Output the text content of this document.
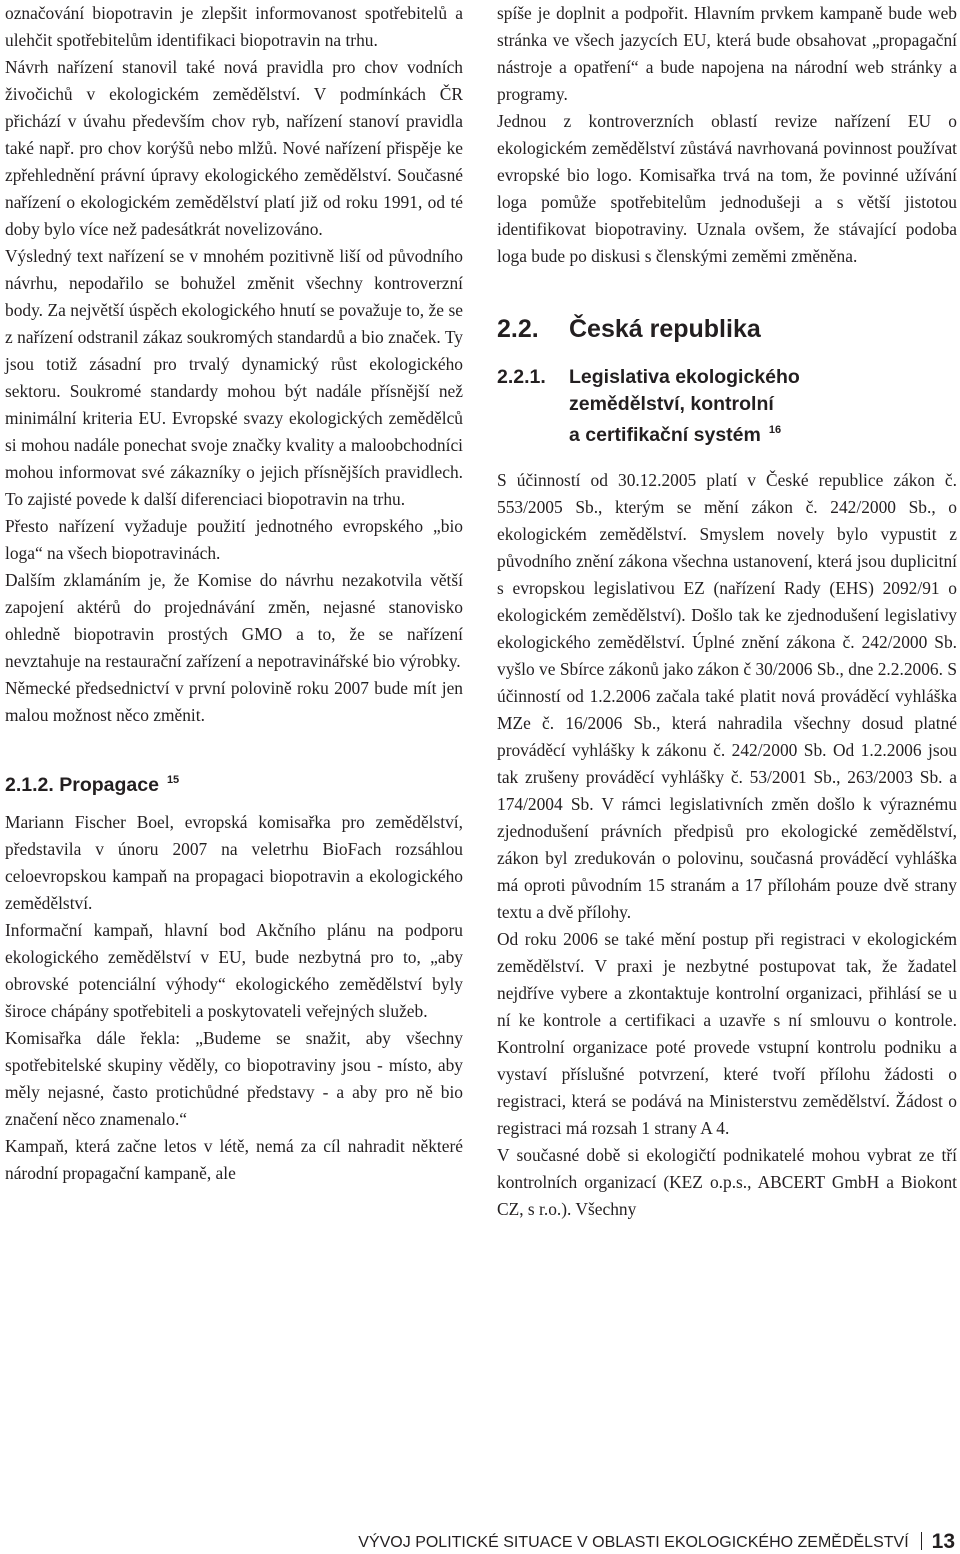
označování biopotravin je zlepšit informovanost spotřebitelů a ulehčit spotřebitelům identifikaci biopotravin na trhu.

Návrh nařízení stanovil také nová pravidla pro chov vodních živočichů v ekologickém zemědělství. V podmínkách ČR přichází v úvahu především chov ryb, nařízení stanoví pravidla také např. pro chov korýšů nebo mlžů. Nové nařízení přispěje ke zpřehlednění právní úpravy ekologického zemědělství. Současné nařízení o ekologickém zemědělství platí již od roku 1991, od té doby bylo více než padesátkrát novelizováno.

Výsledný text nařízení se v mnohém pozitivně liší od původního návrhu, nepodařilo se bohužel změnit všechny kontroverzní body. Za největší úspěch ekologického hnutí se považuje to, že se z nařízení odstranil zákaz soukromých standardů a bio značek. Ty jsou totiž zásadní pro trvalý dynamický růst ekologického sektoru. Soukromé standardy mohou být nadále přísnější než minimální kriteria EU. Evropské svazy ekologických zemědělců si mohou nadále ponechat svoje značky kvality a maloobchodníci mohou informovat své zákazníky o jejich přísnějších pravidlech. To zajisté povede k další diferenciaci biopotravin na trhu.

Přesto nařízení vyžaduje použití jednotného evropského „bio loga“ na všech biopotravinách.

Dalším zklamáním je, že Komise do návrhu nezakotvila větší zapojení aktérů do projednávání změn, nejasné stanovisko ohledně biopotravin prostých GMO a to, že se nařízení nevztahuje na restaurační zařízení a nepotravinářské bio výrobky.

Německé předsednictví v první polovině roku 2007 bude mít jen malou možnost něco změnit.

2.1.2. Propagace $^{15}$

Mariann Fischer Boel, evropská komisařka pro zemědělství, představila v únoru 2007 na veletrhu BioFach rozsáhlou celoevropskou kampaň na propagaci biopotravin a ekologického zemědělství.

Informační kampaň, hlavní bod Akčního plánu na podporu ekologického zemědělství v EU, bude nezbytná pro to, „aby obrovské potenciální výhody“ ekologického zemědělství byly široce chápány spotřebiteli a poskytovateli veřejných služeb.

Komisařka dále řekla: „Budeme se snažit, aby všechny spotřebitelské skupiny věděly, co biopotraviny jsou - místo, aby měly nejasné, často protichůdné představy - a aby pro ně bio značení něco znamenalo.“

Kampaň, která začne letos v létě, nemá za cíl nahradit některé národní propagační kampaně, ale

spíše je doplnit a podpořit. Hlavním prvkem kampaně bude web stránka ve všech jazycích EU, která bude obsahovat „propagační nástroje a opatření“ a bude napojena na národní web stránky a programy.

Jednou z kontroverzních oblastí revize nařízení EU o ekologickém zemědělství zůstává navrhovaná povinnost používat evropské bio logo. Komisařka trvá na tom, že povinné užívání loga pomůže spotřebitelům jednodušeji a s větší jistotou identifikovat biopotraviny. Uznala ovšem, že stávající podoba loga bude po diskusi s členskými zeměmi změněna.

2.2.	Česká republika
2.2.1.	Legislativa ekologického
zemědělství, kontrolní
a certifikační systém $^{16}$

S účinností od 30.12.2005 platí v České republice zákon č. 553/2005 Sb., kterým se mění zákon č. 242/2000 Sb., o ekologickém zemědělství. Smyslem novely bylo vypustit z původního znění zákona všechna ustanovení, která jsou duplicitní s evropskou legislativou EZ (nařízení Rady (EHS) 2092/91 o ekologickém zemědělství). Došlo tak ke zjednodušení legislativy ekologického zemědělství. Úplné znění zákona č. 242/2000 Sb. vyšlo ve Sbírce zákonů jako zákon č 30/2006 Sb., dne 2.2.2006. S účinností od 1.2.2006 začala také platit nová prováděcí vyhláška MZe č. 16/2006 Sb., která nahradila všechny dosud platné prováděcí vyhlášky k zákonu č. 242/2000 Sb. Od 1.2.2006 jsou tak zrušeny prováděcí vyhlášky č. 53/2001 Sb., 263/2003 Sb. a 174/2004 Sb. V rámci legislativních změn došlo k výraznému zjednodušení právních předpisů pro ekologické zemědělství, zákon byl zredukován o polovinu, současná prováděcí vyhláška má oproti původním 15 stranám a 17 přílohám pouze dvě strany textu a dvě přílohy.

Od roku 2006 se také mění postup při registraci v ekologickém zemědělství. V praxi je nezbytné postupovat tak, že žadatel nejdříve vybere a zkontaktuje kontrolní organizaci, přihlásí se u ní ke kontrole a certifikaci a uzavře s ní smlouvu o kontrole. Kontrolní organizace poté provede vstupní kontrolu podniku a vystaví příslušné potvrzení, které tvoří přílohu žádosti o registraci, která se podává na Ministerstvu zemědělství. Žádost o registraci má rozsah 1 strany A 4.

V současné době si ekologičtí podnikatelé mohou vybrat ze tří kontrolních organizací (KEZ o.p.s., ABCERT GmbH a Biokont CZ, s r.o.). Všechny

VÝVOJ POLITICKÉ SITUACE V OBLASTI EKOLOGICKÉHO ZEMĚDĚLSTVÍ 13
